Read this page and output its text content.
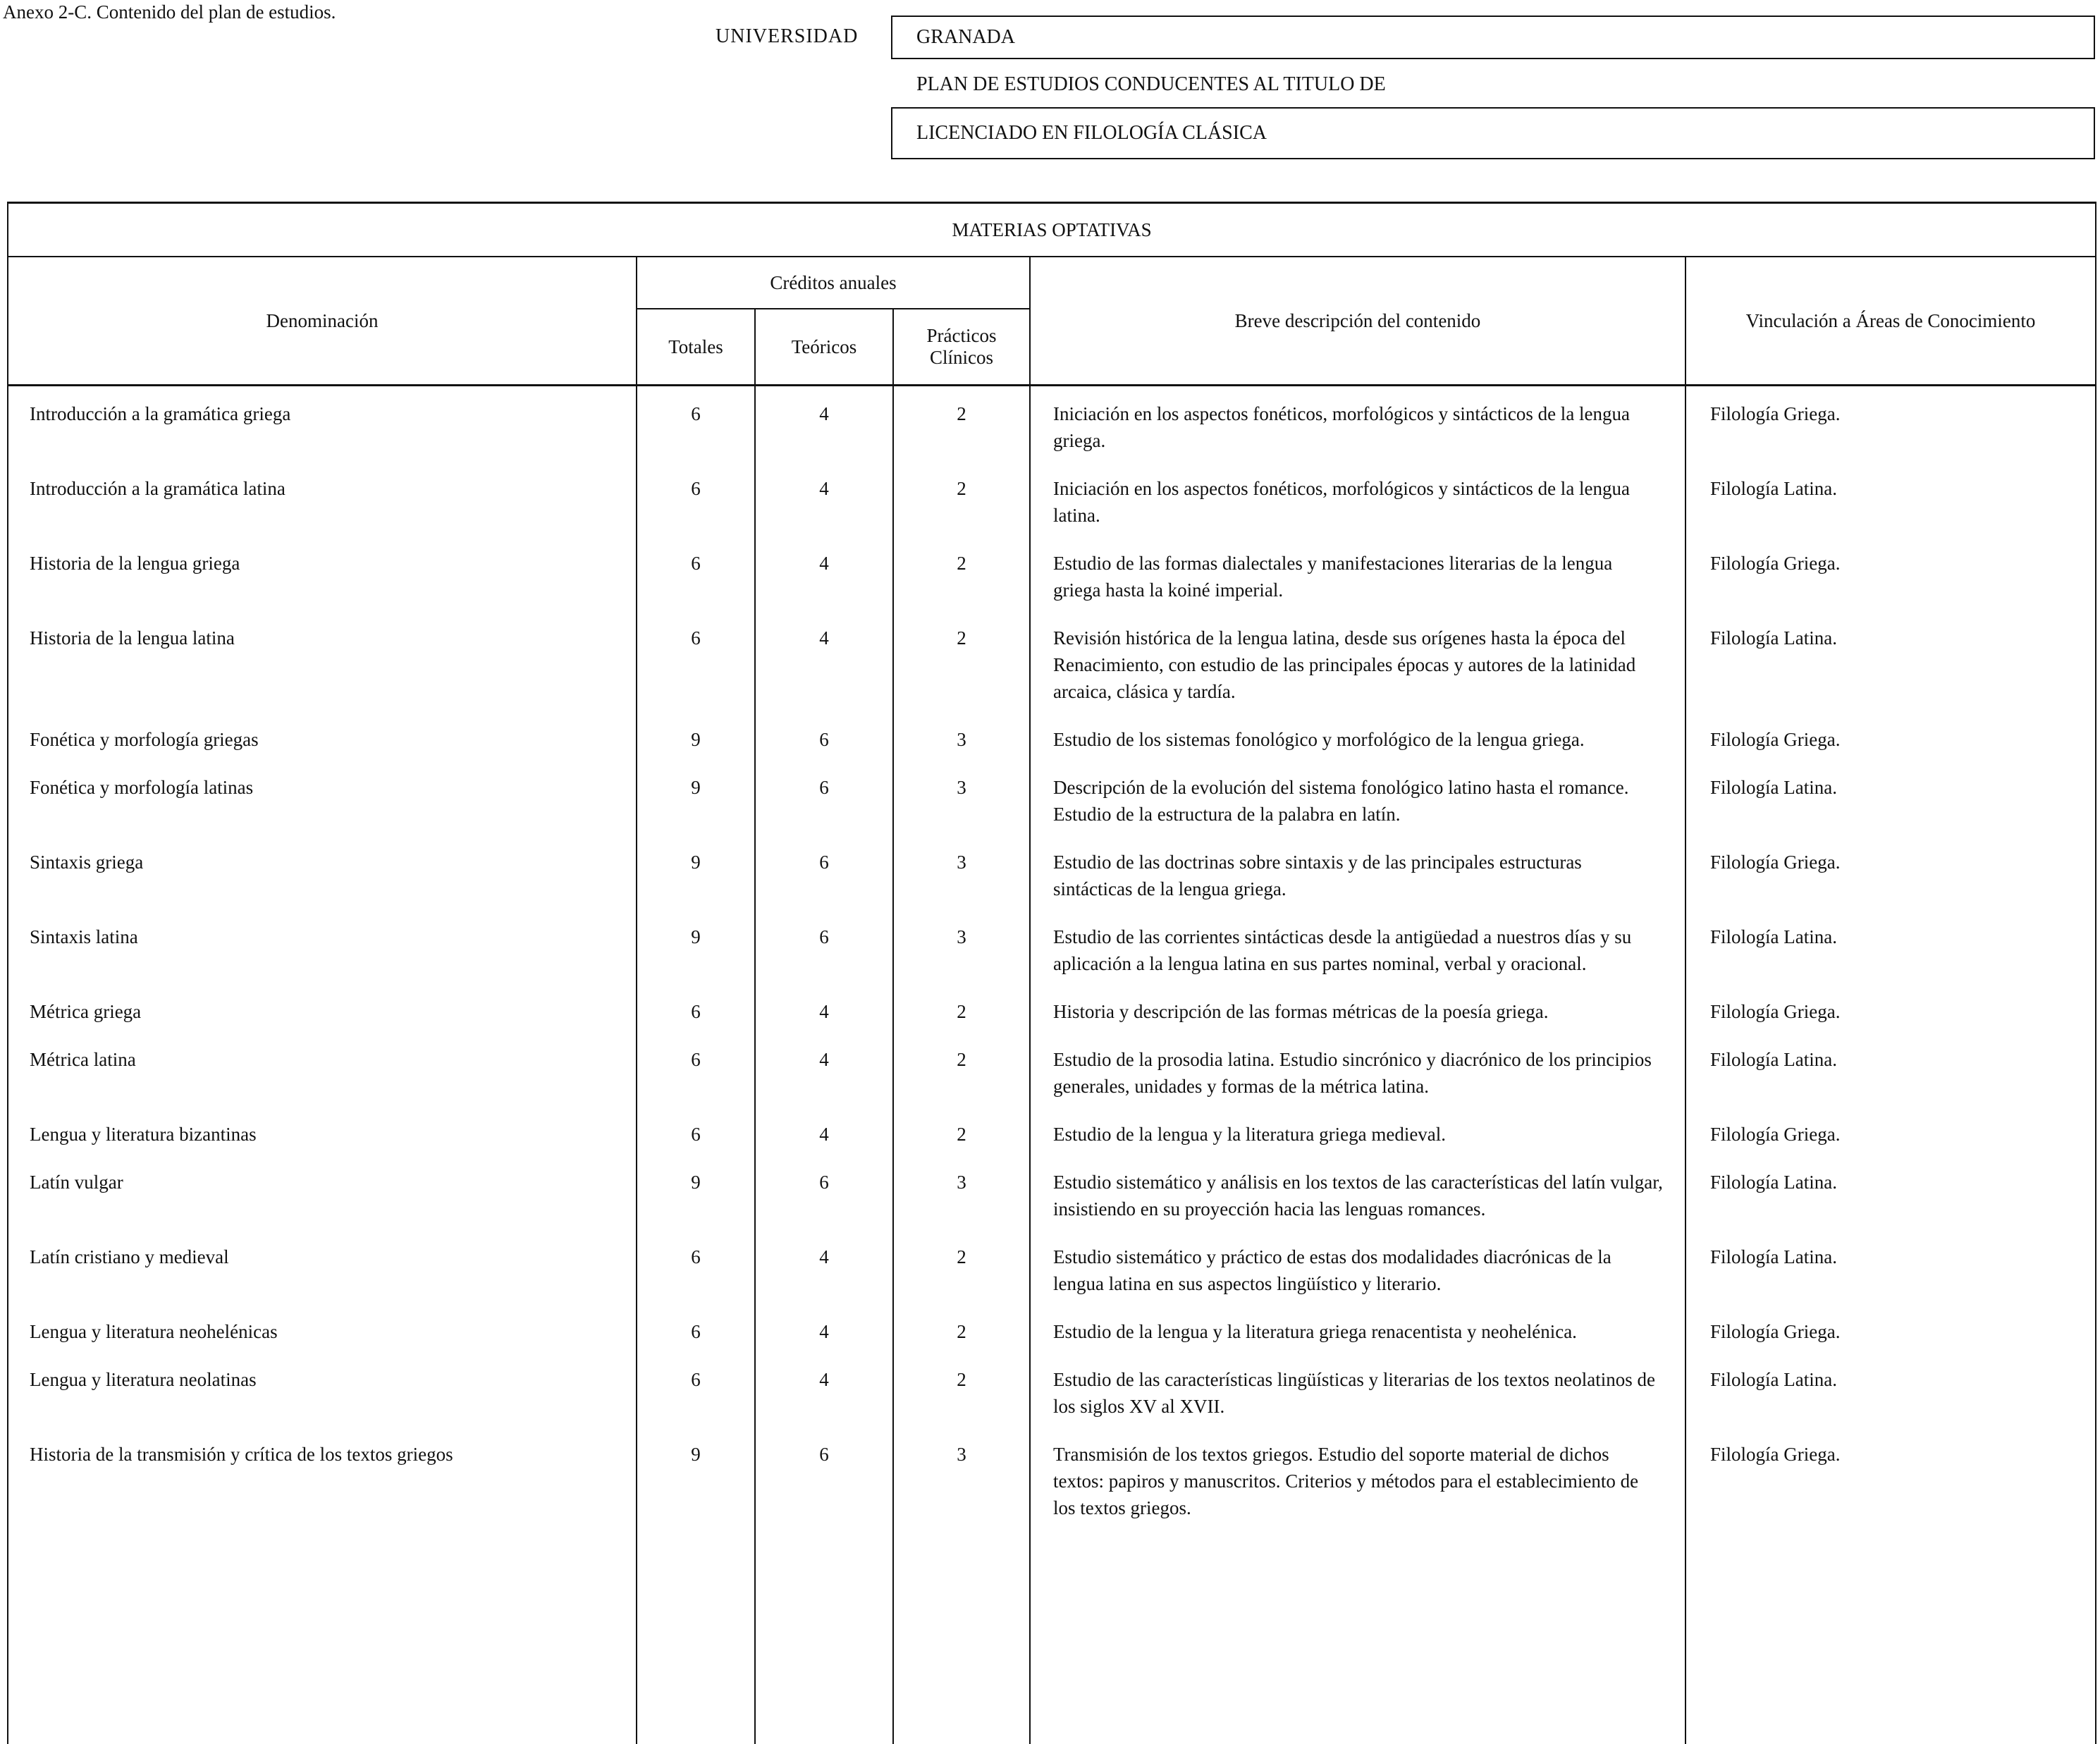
Anexo 2-C. Contenido del plan de estudios.
UNIVERSIDAD	GRANADA
PLAN DE ESTUDIOS CONDUCENTES AL TITULO DE
LICENCIADO EN FILOLOGÍA CLÁSICA
MATERIAS OPTATIVAS					
Denominación	Créditos anuales			Breve descripción del contenido	Vinculación a Áreas de Conocimiento
	Totales	Teóricos	Prácticos
Clínicos		

Introducción a la gramática griega	6	4	2	Iniciación en los aspectos fonéticos, morfológicos y sintácticos de la lengua griega.	Filología Griega.
Introducción a la gramática latina	6	4	2	Iniciación en los aspectos fonéticos, morfológicos y sintácticos de la lengua latina.	Filología Latina.
Historia de la lengua griega	6	4	2	Estudio de las formas dialectales y manifestaciones literarias de la lengua griega hasta la koiné imperial.	Filología Griega.
Historia de la lengua latina	6	4	2	Revisión histórica de la lengua latina, desde sus orígenes hasta la época del Renacimiento, con estudio de las principales épocas y autores de la latinidad arcaica, clásica y tardía.	Filología Latina.
Fonética y morfología griegas	9	6	3	Estudio de los sistemas fonológico y morfológico de la lengua griega.	Filología Griega.
Fonética y morfología latinas	9	6	3	Descripción de la evolución del sistema fonológico latino hasta el romance. Estudio de la estructura de la palabra en latín.	Filología Latina.
Sintaxis griega	9	6	3	Estudio de las doctrinas sobre sintaxis y de las principales estructuras sintácticas de la lengua griega.	Filología Griega.
Sintaxis latina	9	6	3	Estudio de las corrientes sintácticas desde la antigüedad a nuestros días y su aplicación a la lengua latina en sus partes nominal, verbal y oracional.	Filología Latina.
Métrica griega	6	4	2	Historia y descripción de las formas métricas de la poesía griega.	Filología Griega.
Métrica latina	6	4	2	Estudio de la prosodia latina. Estudio sincrónico y diacrónico de los principios generales, unidades y formas de la métrica latina.	Filología Latina.
Lengua y literatura bizantinas	6	4	2	Estudio de la lengua y la literatura griega medieval.	Filología Griega.
Latín vulgar	9	6	3	Estudio sistemático y análisis en los textos de las características del latín vulgar, insistiendo en su proyección hacia las lenguas romances.	Filología Latina.
Latín cristiano y medieval	6	4	2	Estudio sistemático y práctico de estas dos modalidades diacrónicas de la lengua latina en sus aspectos lingüístico y literario.	Filología Latina.
Lengua y literatura neohelénicas	6	4	2	Estudio de la lengua y la literatura griega renacentista y neohelénica.	Filología Griega.
Lengua y literatura neolatinas	6	4	2	Estudio de las características lingüísticas y literarias de los textos neolatinos de los siglos XV al XVII.	Filología Latina.
Historia de la transmisión y crítica de los textos griegos	9	6	3	Transmisión de los textos griegos. Estudio del soporte material de dichos textos: papiros y manuscritos. Criterios y métodos para el establecimiento de los textos griegos.	Filología Griega.
